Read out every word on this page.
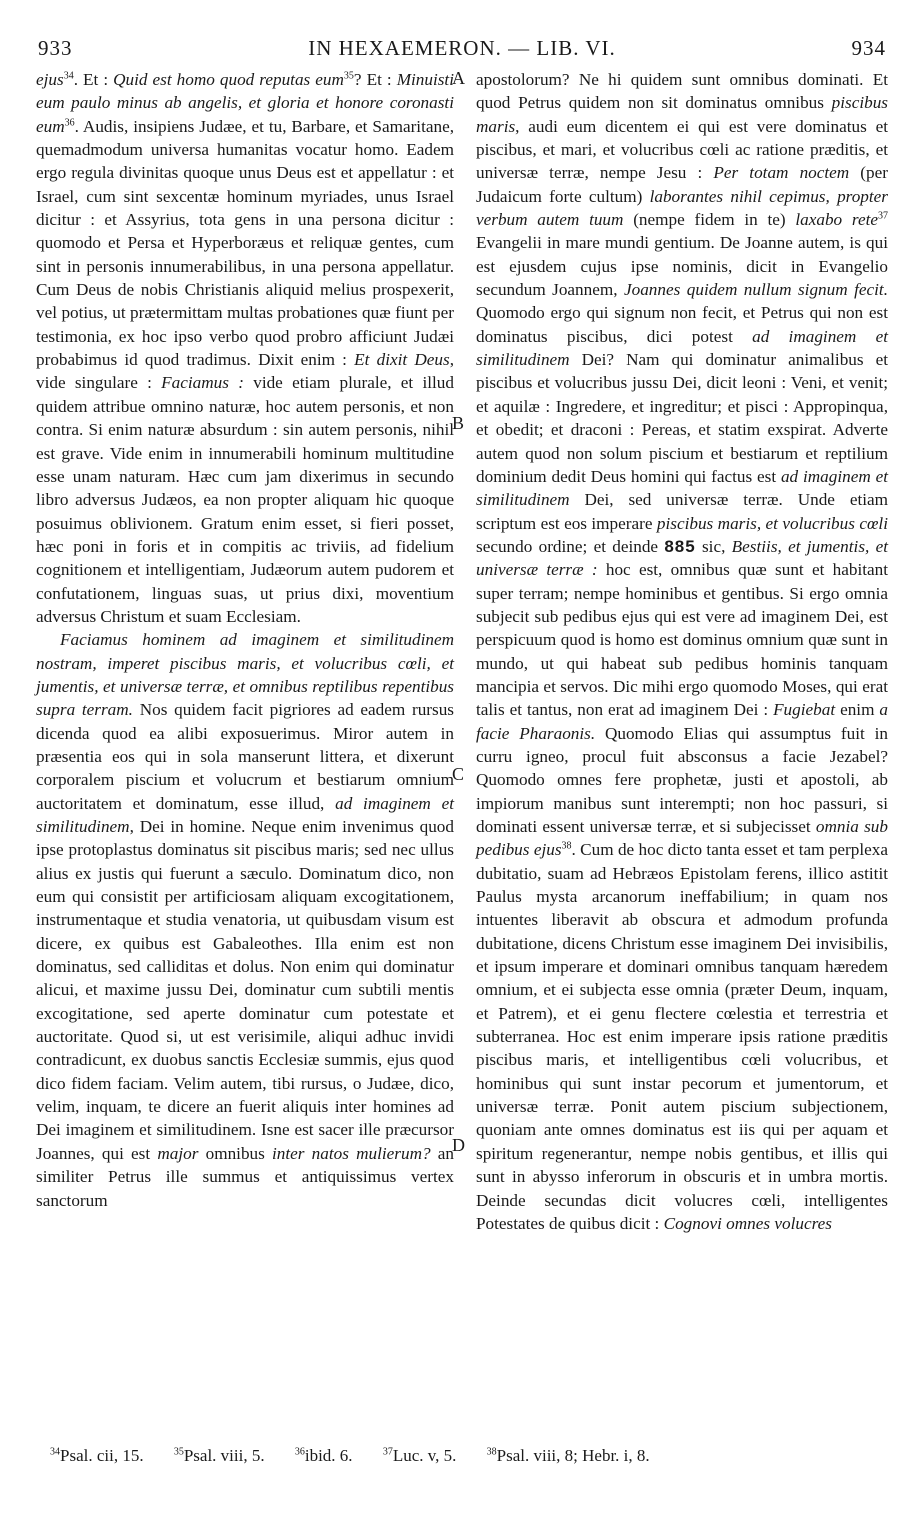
933	IN HEXAEMERON. — LIB. VI.	934
A
B
C
D

ejus$^{34}$. Et : Quid est homo quod reputas eum$^{35}$? Et : Minuisti eum paulo minus ab angelis, et gloria et honore coronasti eum$^{36}$. Audis, insipiens Judæe, et tu, Barbare, et Samaritane, quemadmodum universa humanitas vocatur homo. Eadem ergo regula divinitas quoque unus Deus est et appellatur : et Israel, cum sint sexcentæ hominum myriades, unus Israel dicitur : et Assyrius, tota gens in una persona dicitur : quomodo et Persa et Hyperboræus et reliquæ gentes, cum sint in personis innumerabilibus, in una persona appellatur. Cum Deus de nobis Christianis aliquid melius prospexerit, vel potius, ut prætermittam multas probationes quæ fiunt per testimonia, ex hoc ipso verbo quod probro afficiunt Judæi probabimus id quod tradimus. Dixit enim : Et dixit Deus, vide singulare : Faciamus : vide etiam plurale, et illud quidem attribue omnino naturæ, hoc autem personis, et non contra. Si enim naturæ absurdum : sin autem personis, nihil est grave. Vide enim in innumerabili hominum multitudine esse unam naturam. Hæc cum jam dixerimus in secundo libro adversus Judæos, ea non propter aliquam hic quoque posuimus oblivionem. Gratum enim esset, si fieri posset, hæc poni in foris et in compitis ac triviis, ad fidelium cognitionem et intelligentiam, Judæorum autem pudorem et confutationem, linguas suas, ut prius dixi, moventium adversus Christum et suam Ecclesiam.

Faciamus hominem ad imaginem et similitudinem nostram, imperet piscibus maris, et volucribus cœli, et jumentis, et universæ terræ, et omnibus reptilibus repentibus supra terram. Nos quidem facit pigriores ad eadem rursus dicenda quod ea alibi exposuerimus. Miror autem in præsentia eos qui in sola manserunt littera, et dixerunt corporalem piscium et volucrum et bestiarum omnium auctoritatem et dominatum, esse illud, ad imaginem et similitudinem, Dei in homine. Neque enim invenimus quod ipse protoplastus dominatus sit piscibus maris; sed nec ullus alius ex justis qui fuerunt a sæculo. Dominatum dico, non eum qui consistit per artificiosam aliquam excogitationem, instrumentaque et studia venatoria, ut quibusdam visum est dicere, ex quibus est Gabaleothes. Illa enim est non dominatus, sed calliditas et dolus. Non enim qui dominatur alicui, et maxime jussu Dei, dominatur cum subtili mentis excogitatione, sed aperte dominatur cum potestate et auctoritate. Quod si, ut est verisimile, aliqui adhuc invidi contradicunt, ex duobus sanctis Ecclesiæ summis, ejus quod dico fidem faciam. Velim autem, tibi rursus, o Judæe, dico, velim, inquam, te dicere an fuerit aliquis inter homines ad Dei imaginem et similitudinem. Isne est sacer ille præcursor Joannes, qui est major omnibus inter natos mulierum? an similiter Petrus ille summus et antiquissimus vertex sanctorum

apostolorum? Ne hi quidem sunt omnibus dominati. Et quod Petrus quidem non sit dominatus omnibus piscibus maris, audi eum dicentem ei qui est vere dominatus et piscibus, et mari, et volucribus cœli ac ratione præditis, et universæ terræ, nempe Jesu : Per totam noctem (per Judaicum forte cultum) laborantes nihil cepimus, propter verbum autem tuum (nempe fidem in te) laxabo rete$^{37}$ Evangelii in mare mundi gentium. De Joanne autem, is qui est ejusdem cujus ipse nominis, dicit in Evangelio secundum Joannem, Joannes quidem nullum signum fecit. Quomodo ergo qui signum non fecit, et Petrus qui non est dominatus piscibus, dici potest ad imaginem et similitudinem Dei? Nam qui dominatur animalibus et piscibus et volucribus jussu Dei, dicit leoni : Veni, et venit; et aquilæ : Ingredere, et ingreditur; et pisci : Appropinqua, et obedit; et draconi : Pereas, et statim exspirat. Adverte autem quod non solum piscium et bestiarum et reptilium dominium dedit Deus homini qui factus est ad imaginem et similitudinem Dei, sed universæ terræ. Unde etiam scriptum est eos imperare piscibus maris, et volucribus cœli secundo ordine; et deinde 885 sic, Bestiis, et jumentis, et universæ terræ : hoc est, omnibus quæ sunt et habitant super terram; nempe hominibus et gentibus. Si ergo omnia subjecit sub pedibus ejus qui est vere ad imaginem Dei, est perspicuum quod is homo est dominus omnium quæ sunt in mundo, ut qui habeat sub pedibus hominis tanquam mancipia et servos. Dic mihi ergo quomodo Moses, qui erat talis et tantus, non erat ad imaginem Dei : Fugiebat enim a facie Pharaonis. Quomodo Elias qui assumptus fuit in curru igneo, procul fuit absconsus a facie Jezabel? Quomodo omnes fere prophetæ, justi et apostoli, ab impiorum manibus sunt interempti; non hoc passuri, si dominati essent universæ terræ, et si subjecisset omnia sub pedibus ejus$^{38}$. Cum de hoc dicto tanta esset et tam perplexa dubitatio, suam ad Hebræos Epistolam ferens, illico astitit Paulus mysta arcanorum ineffabilium; in quam nos intuentes liberavit ab obscura et admodum profunda dubitatione, dicens Christum esse imaginem Dei invisibilis, et ipsum imperare et dominari omnibus tanquam hæredem omnium, et ei subjecta esse omnia (præter Deum, inquam, et Patrem), et ei genu flectere cœlestia et terrestria et subterranea. Hoc est enim imperare ipsis ratione præditis piscibus maris, et intelligentibus cœli volucribus, et hominibus qui sunt instar pecorum et jumentorum, et universæ terræ. Ponit autem piscium subjectionem, quoniam ante omnes dominatus est iis qui per aquam et spiritum regenerantur, nempe nobis gentibus, et illis qui sunt in abysso inferorum in obscuris et in umbra mortis. Deinde secundas dicit volucres cœli, intelligentes Potestates de quibus dicit : Cognovi omnes volucres

$^{34}$Psal. cii, 15.	$^{35}$Psal. viii, 5.	$^{36}$ibid. 6.	$^{37}$Luc. v, 5.	$^{38}$Psal. viii, 8; Hebr. i, 8.
